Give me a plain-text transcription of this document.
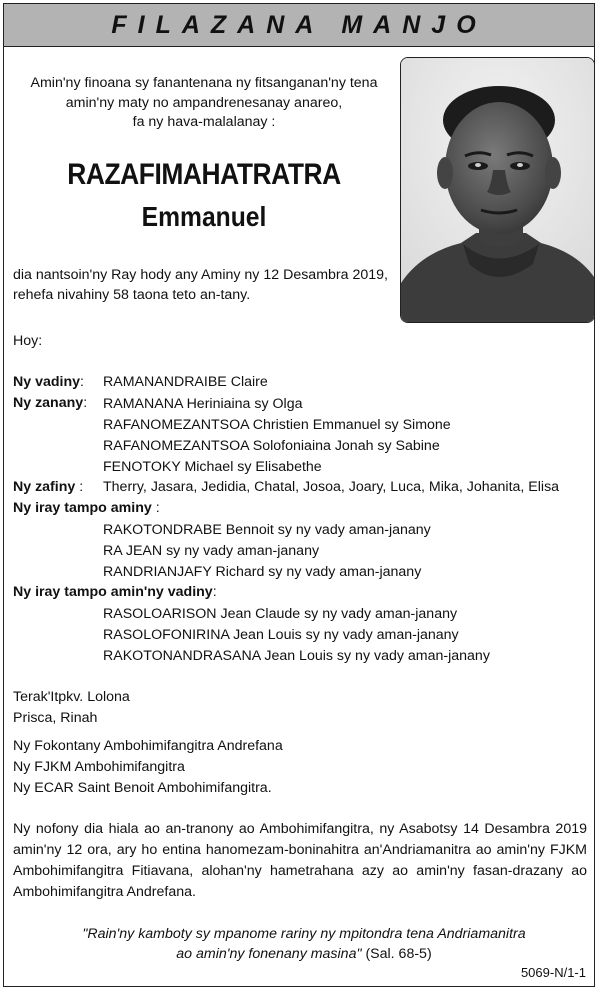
FILAZANA MANJO
Amin'ny finoana sy fanantenana ny fitsanganan'ny tena
amin'ny maty no ampandrenesanay anareo,
fa ny hava-malalanay :
RAZAFIMAHATRATRA
Emmanuel
dia nantsoin'ny Ray hody any Aminy ny 12 Desambra 2019,
rehefa nivahiny 58 taona teto an-tany.
Hoy:
Ny vadiny: RAMANANDRAIBE Claire
Ny zanany: RAMANANA Heriniaina sy Olga
RAFANOMEZANTSOA Christien Emmanuel sy Simone
RAFANOMEZANTSOA Solofoniaina Jonah sy Sabine
FENOTOKY Michael sy Elisabethe
Ny zafiny : Therry, Jasara, Jedidia, Chatal, Josoa, Joary, Luca, Mika, Johanita, Elisa
Ny iray tampo aminy :
RAKOTONDRABE Bennoit sy ny vady aman-janany
RA JEAN sy ny vady aman-janany
RANDRIANJAFY Richard sy ny vady aman-janany
Ny iray tampo amin'ny vadiny:
RASOLOARISON Jean Claude sy ny vady aman-janany
RASOLOFONIRINA Jean Louis sy ny vady aman-janany
RAKOTONANDRASANA Jean Louis sy ny vady aman-janany
Terak'Itpkv. Lolona
Prisca, Rinah
Ny Fokontany Ambohimifangitra Andrefana
Ny FJKM Ambohimifangitra
Ny ECAR Saint Benoit Ambohimifangitra.
Ny nofony dia hiala ao an-tranony ao Ambohimifangitra, ny Asabotsy 14 Desambra 2019 amin'ny 12 ora, ary ho entina hanomezam-boninahitra an'Andriamanitra ao amin'ny FJKM Ambohimifangitra Fitiavana, alohan'ny hametrahana azy ao amin'ny fasan-drazany ao Ambohimifangitra Andrefana.
"Rain'ny kamboty sy mpanome rariny ny mpitondra tena Andriamanitra
ao amin'ny fonenany masina" (Sal. 68-5)
5069-N/1-1
